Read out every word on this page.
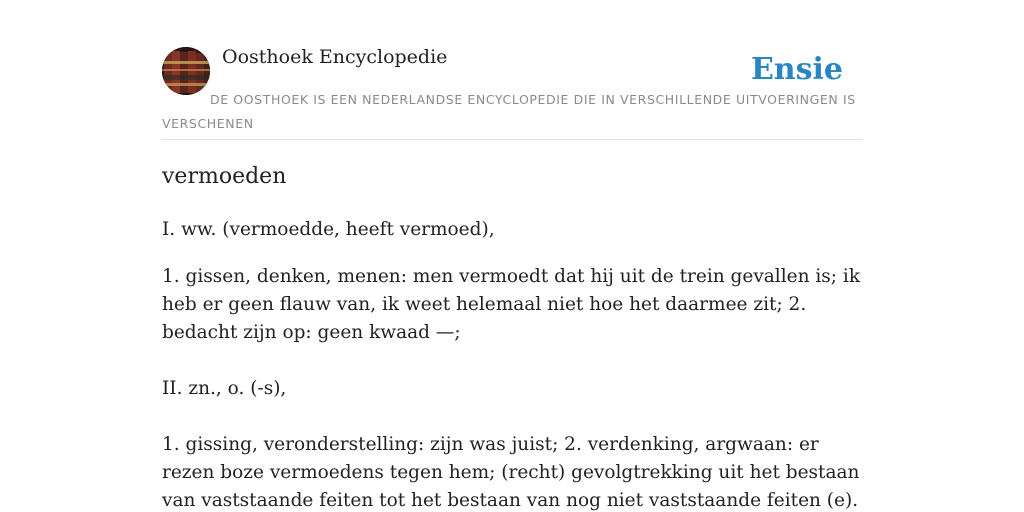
Oosthoek Encyclopedie	Ensie
DE OOSTHOEK IS EEN NEDERLANDSE ENCYCLOPEDIE DIE IN VERSCHILLENDE UITVOERINGEN IS VERSCHENEN
vermoeden
I. ww. (vermoedde, heeft vermoed),
1. gissen, denken, menen: men vermoedt dat hij uit de trein gevallen is; ik heb er geen flauw van, ik weet helemaal niet hoe het daarmee zit; 2. bedacht zijn op: geen kwaad —;
II. zn., o. (-s),
1. gissing, veronderstelling: zijn was juist; 2. verdenking, argwaan: er rezen boze vermoedens tegen hem; (recht) gevolgtrekking uit het bestaan van vaststaande feiten tot het bestaan van nog niet vaststaande feiten (e).
